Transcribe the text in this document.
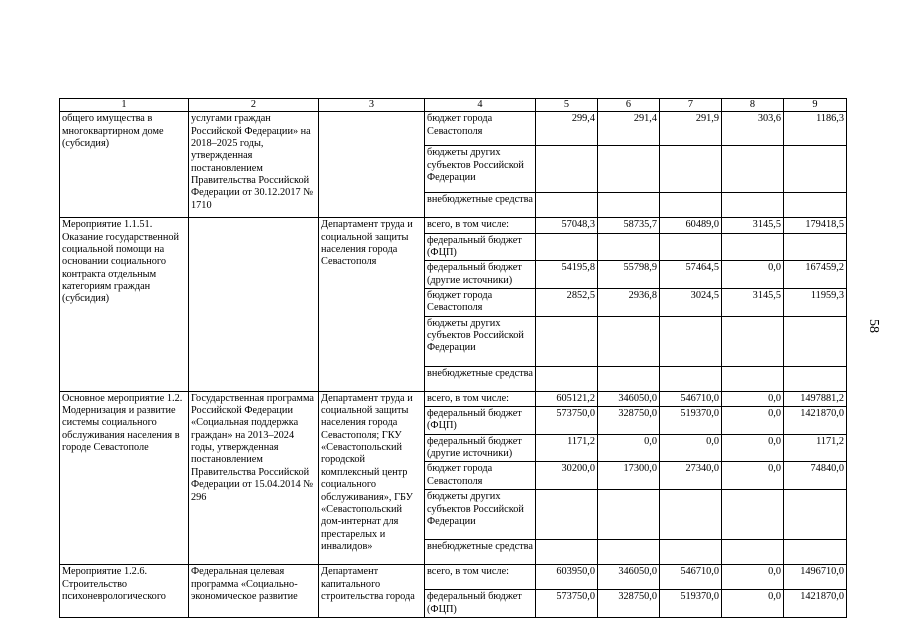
58
1	2	3	4	5	6	7	8	9
общего имущества в многоквартирном доме (субсидия)	услугами граждан Российской Федерации» на 2018–2025 годы, утвержденная постановлением Правительства Российской Федерации от 30.12.2017 № 1710		бюджет города Севастополя	299,4	291,4	291,9	303,6	1186,3
			бюджеты других субъектов Российской Федерации					
			внебюджетные средства					
Мероприятие 1.1.51. Оказание государственной социальной помощи на основании социального контракта отдельным категориям граждан (субсидия)		Департамент труда и социальной защиты населения города Севастополя	всего, в том числе:	57048,3	58735,7	60489,0	3145,5	179418,5
			федеральный бюджет (ФЦП)					
			федеральный бюджет (другие источники)	54195,8	55798,9	57464,5	0,0	167459,2
			бюджет города Севастополя	2852,5	2936,8	3024,5	3145,5	11959,3
			бюджеты других субъектов Российской Федерации					
			внебюджетные средства					
Основное мероприятие 1.2. Модернизация и развитие системы социального обслуживания населения в городе Севастополе	Государственная программа Российской Федерации «Социальная поддержка граждан» на 2013–2024 годы, утвержденная постановлением Правительства Российской Федерации от 15.04.2014 № 296	Департамент труда и социальной защиты населения города Севастополя; ГКУ «Севастопольский городской комплексный центр социального обслуживания», ГБУ «Севастопольский дом-интернат для престарелых и инвалидов»	всего, в том числе:	605121,2	346050,0	546710,0	0,0	1497881,2
			федеральный бюджет (ФЦП)	573750,0	328750,0	519370,0	0,0	1421870,0
			федеральный бюджет (другие источники)	1171,2	0,0	0,0	0,0	1171,2
			бюджет города Севастополя	30200,0	17300,0	27340,0	0,0	74840,0
			бюджеты других субъектов Российской Федерации					
			внебюджетные средства					
Мероприятие 1.2.6. Строительство психоневрологического	Федеральная целевая программа «Социально-экономическое развитие	Департамент капитального строительства города	всего, в том числе:	603950,0	346050,0	546710,0	0,0	1496710,0
			федеральный бюджет (ФЦП)	573750,0	328750,0	519370,0	0,0	1421870,0
